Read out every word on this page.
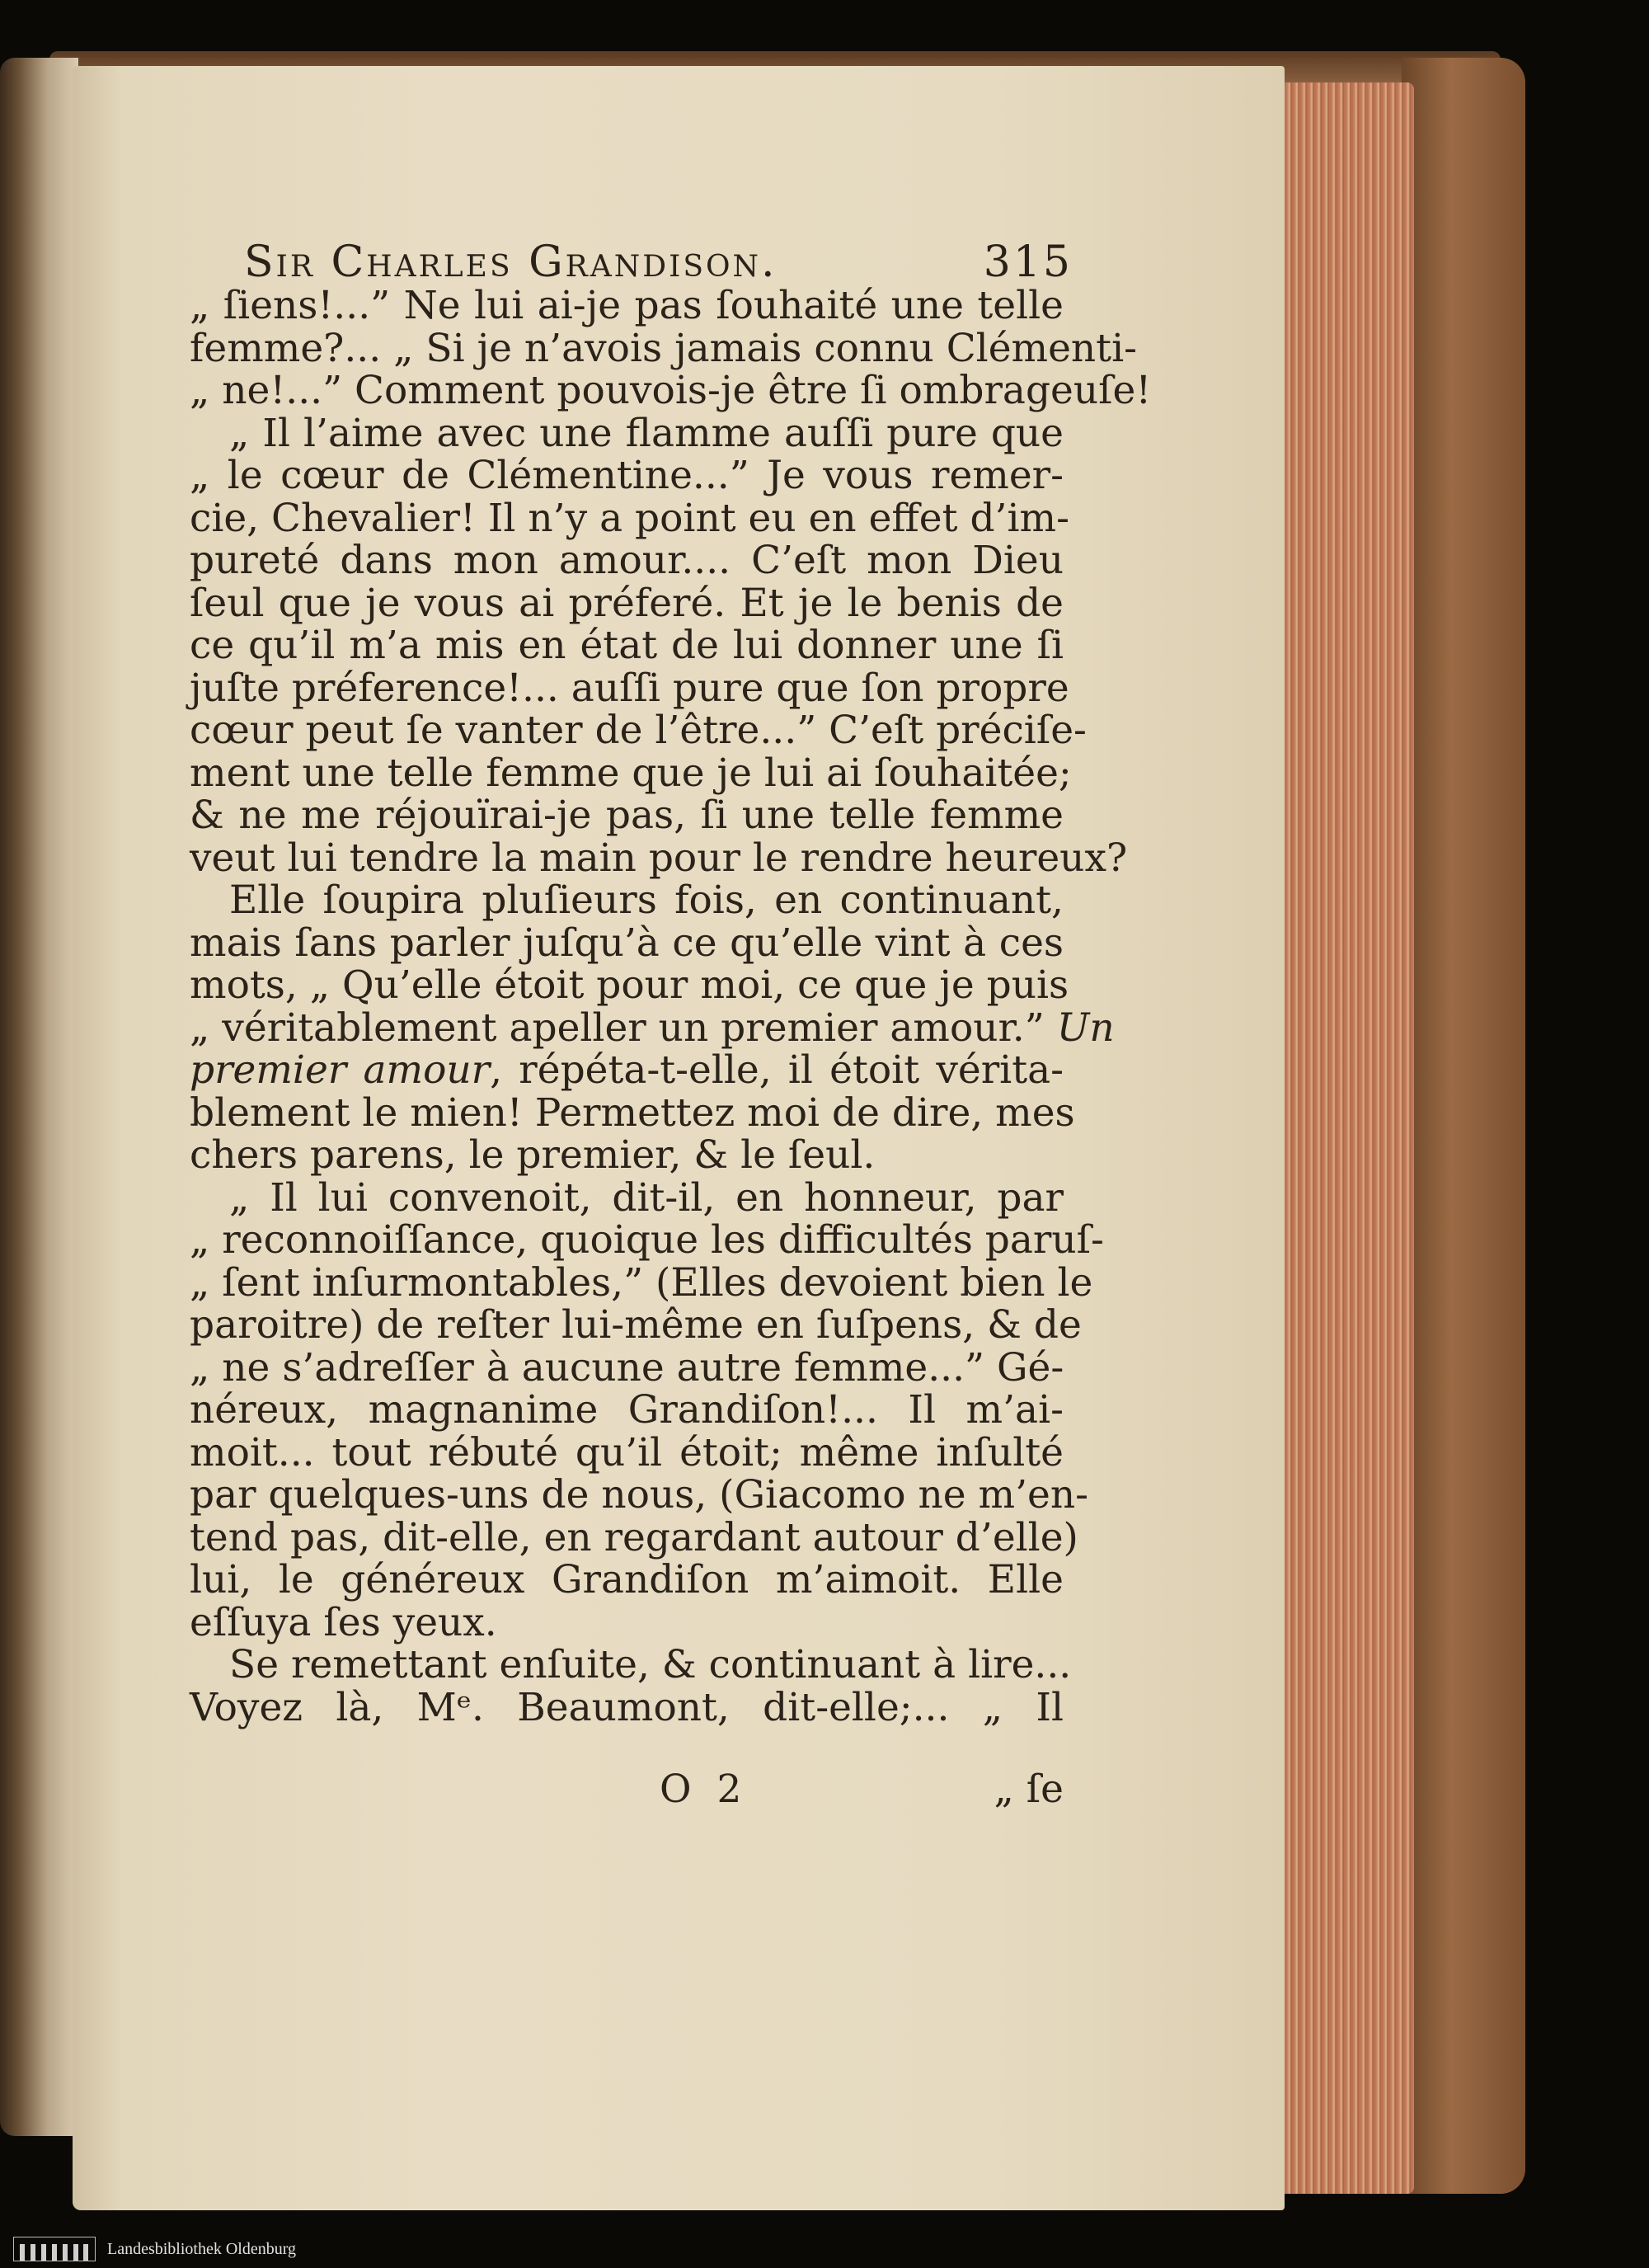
Sir Charles Grandison.	315
„ ſiens!...” Ne lui ai-je pas ſouhaité une telle
femme?... „ Si je n’avois jamais connu Clémenti-
„ ne!...” Comment pouvois-je être ſi ombrageuſe!
„ Il l’aime avec une flamme auſſi pure que
„ le cœur de Clémentine...” Je vous remer-
cie, Chevalier! Il n’y a point eu en effet d’im-
pureté dans mon amour.... C’eſt mon Dieu
ſeul que je vous ai préferé. Et je le benis de
ce qu’il m’a mis en état de lui donner une ſi
juſte préference!... auſſi pure que ſon propre
cœur peut ſe vanter de l’être...” C’eſt préciſe-
ment une telle femme que je lui ai ſouhaitée;
& ne me réjouïrai-je pas, ſi une telle femme
veut lui tendre la main pour le rendre heureux?
Elle ſoupira pluſieurs fois, en continuant,
mais ſans parler juſqu’à ce qu’elle vint à ces
mots, „ Qu’elle étoit pour moi, ce que je puis
„ véritablement apeller un premier amour.” Un
premier amour, répéta-t-elle, il étoit vérita-
blement le mien! Permettez moi de dire, mes
chers parens, le premier, & le ſeul.
„ Il lui convenoit, dit-il, en honneur, par
„ reconnoiſſance, quoique les difficultés paruſ-
„ ſent inſurmontables,” (Elles devoient bien le
paroitre) de reſter lui-même en ſuſpens, & de
„ ne s’adreſſer à aucune autre femme...” Gé-
néreux, magnanime Grandiſon!... Il m’ai-
moit... tout rébuté qu’il étoit; même inſulté
par quelques-uns de nous, (Giacomo ne m’en-
tend pas, dit-elle, en regardant autour d’elle)
lui, le généreux Grandiſon m’aimoit. Elle
eſſuya ſes yeux.
Se remettant enſuite, & continuant à lire...
Voyez là, Mᵉ. Beaumont, dit-elle;... „ Il
O 2	„ ſe
Landesbibliothek Oldenburg
